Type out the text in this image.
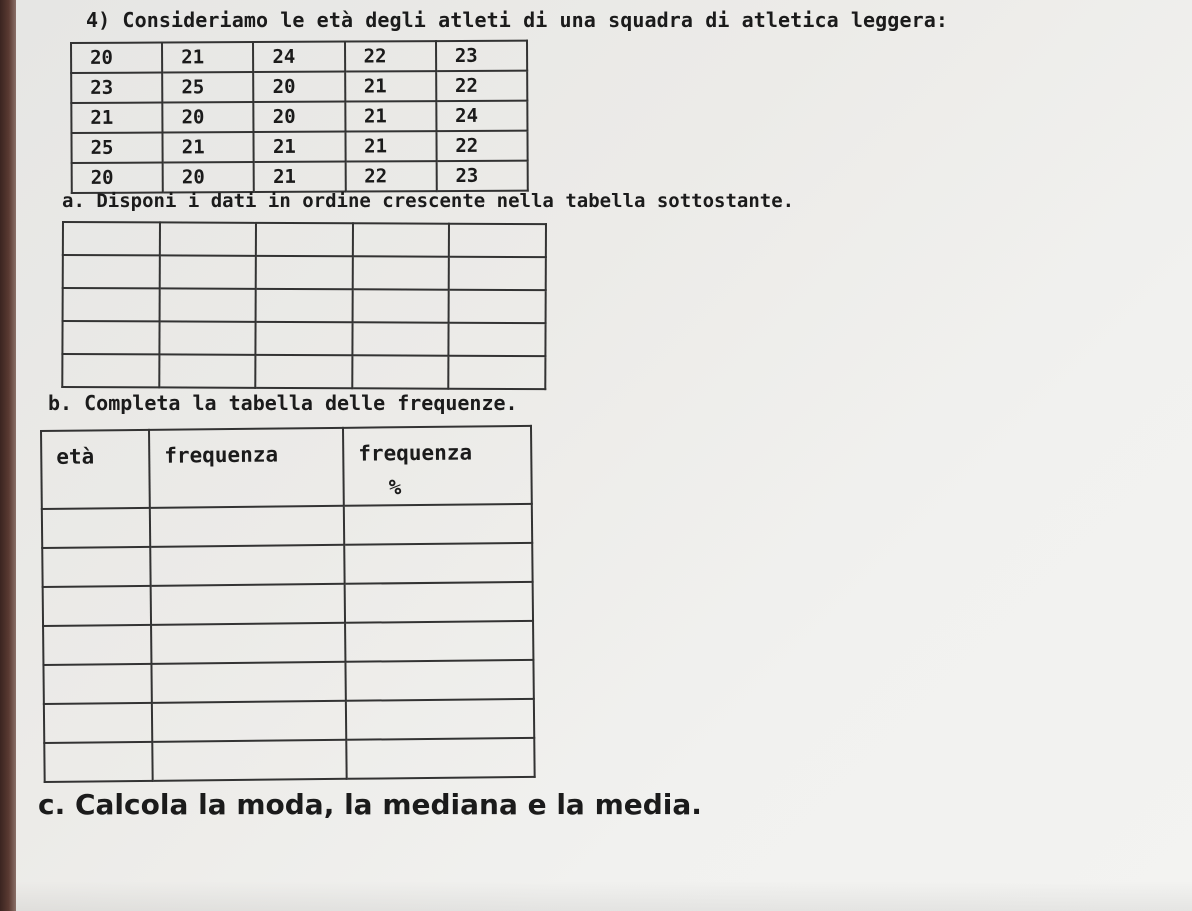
4) Consideriamo le età degli atleti di una squadra di atletica leggera:
20	21	24	22	23
23	25	20	21	22
21	20	20	21	24
25	21	21	21	22
20	20	21	22	23
a. Disponi i dati in ordine crescente nella tabella sottostante.

b. Completa la tabella delle frequenze.
età	frequenza	frequenza
%

c. Calcola la moda, la mediana e la media.
